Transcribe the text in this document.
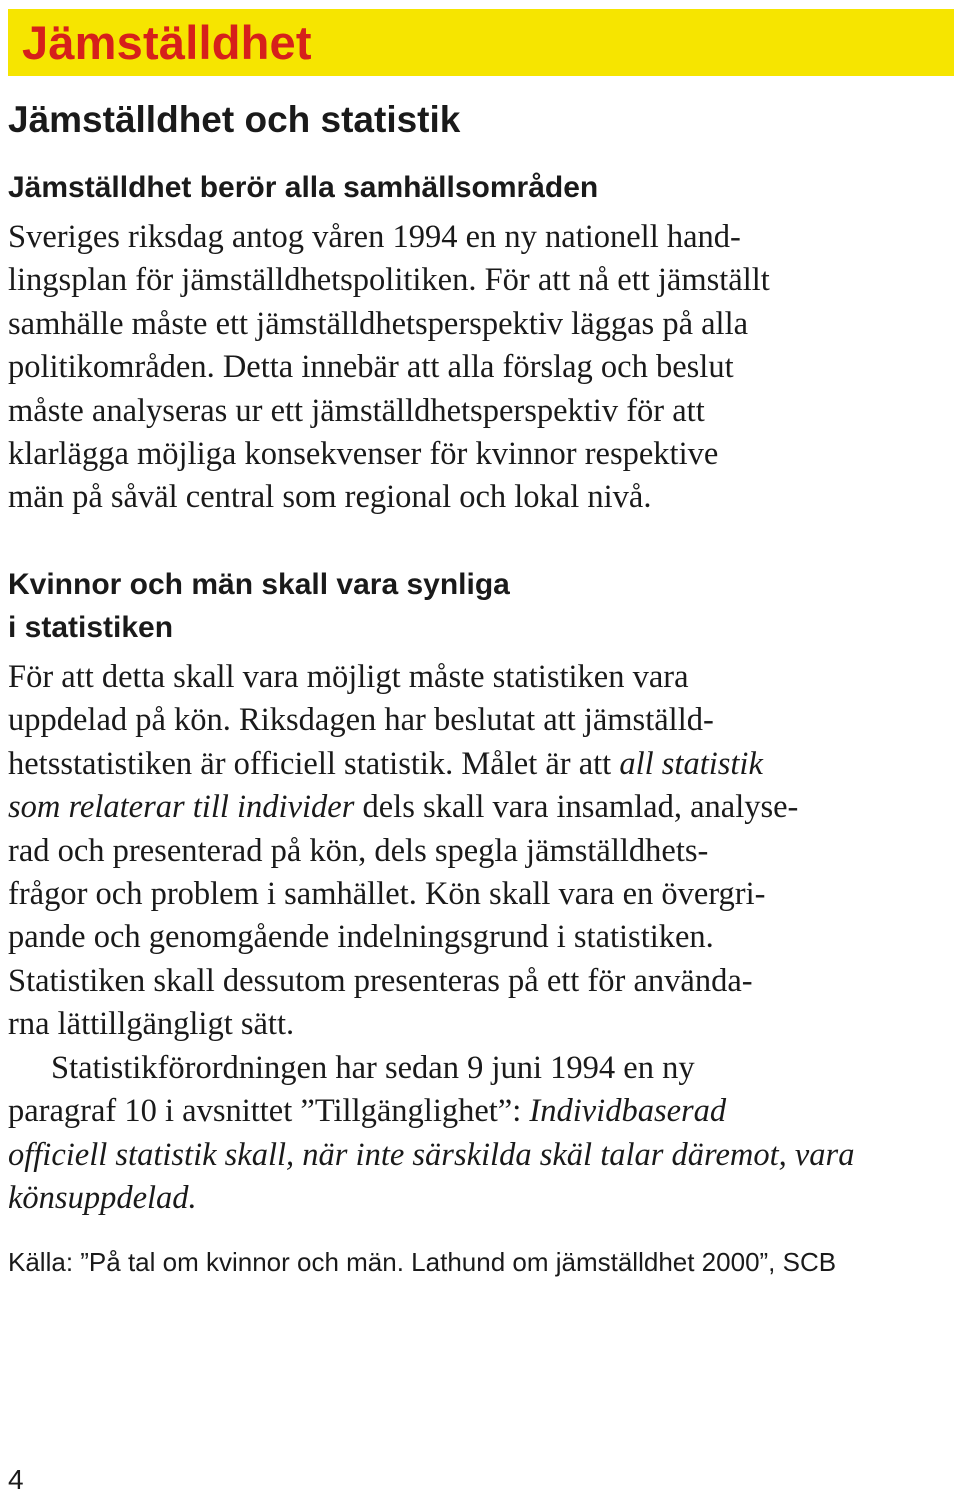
Jämställdhet
Jämställdhet och statistik
Jämställdhet berör alla samhällsområden

Sveriges riksdag antog våren 1994 en ny nationell hand-
lingsplan för jämställdhetspolitiken. För att nå ett jämställt
samhälle måste ett jämställdhetsperspektiv läggas på alla
politikområden. Detta innebär att alla förslag och beslut
måste analyseras ur ett jämställdhetsperspektiv för att
klarlägga möjliga konsekvenser för kvinnor respektive
män på såväl central som regional och lokal nivå.

Kvinnor och män skall vara synliga
i statistiken

För att detta skall vara möjligt måste statistiken vara
uppdelad på kön. Riksdagen har beslutat att jämställd-
hetsstatistiken är officiell statistik. Målet är att all statistik
som relaterar till individer dels skall vara insamlad, analyse-
rad och presenterad på kön, dels spegla jämställdhets-
frågor och problem i samhället. Kön skall vara en övergri-
pande och genomgående indelningsgrund i statistiken.
Statistiken skall dessutom presenteras på ett för använda-
rna lättillgängligt sätt.

Statistikförordningen har sedan 9 juni 1994 en ny
paragraf 10 i avsnittet ”Tillgänglighet”: Individbaserad
officiell statistik skall, när inte särskilda skäl talar däremot, vara
könsuppdelad.

Källa: ”På tal om kvinnor och män. Lathund om jämställdhet 2000”, SCB

4
